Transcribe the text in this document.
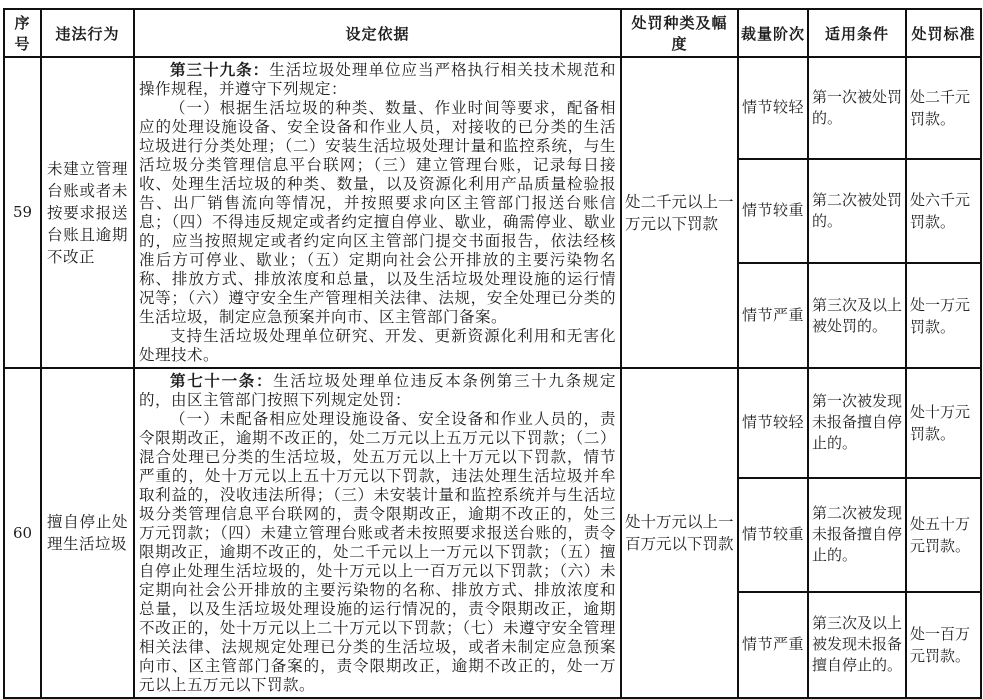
序号	违法行为	设定依据	处罚种类及幅度	裁量阶次	适用条件	处罚标准
59	未建立管理台账或者未按要求报送台账且逾期不改正	第三十九条：生活垃圾处理单位应当严格执行相关技术规范和操作规程，并遵守下列规定：

（一）根据生活垃圾的种类、数量、作业时间等要求，配备相应的处理设施设备、安全设备和作业人员，对接收的已分类的生活垃圾进行分类处理；（二）安装生活垃圾处理计量和监控系统，与生活垃圾分类管理信息平台联网；（三）建立管理台账，记录每日接收、处理生活垃圾的种类、数量，以及资源化利用产品质量检验报告、出厂销售流向等情况，并按照要求向区主管部门报送台账信息；（四）不得违反规定或者约定擅自停业、歇业，确需停业、歇业的，应当按照规定或者约定向区主管部门提交书面报告，依法经核准后方可停业、歇业；（五）定期向社会公开排放的主要污染物名称、排放方式、排放浓度和总量，以及生活垃圾处理设施的运行情况等；（六）遵守安全生产管理相关法律、法规，安全处理已分类的生活垃圾，制定应急预案并向市、区主管部门备案。

支持生活垃圾处理单位研究、开发、更新资源化利用和无害化处理技术。	处二千元以上一万元以下罚款	情节较轻	第一次被处罚的。	处二千元罚款。
				情节较重	第二次被处罚的。	处六千元罚款。
				情节严重	第三次及以上被处罚的。	处一万元罚款。
60	擅自停止处理生活垃圾	第七十一条：生活垃圾处理单位违反本条例第三十九条规定的，由区主管部门按照下列规定处罚：

（一）未配备相应处理设施设备、安全设备和作业人员的，责令限期改正，逾期不改正的，处二万元以上五万元以下罚款；（二）混合处理已分类的生活垃圾，处五万元以上十万元以下罚款，情节严重的，处十万元以上五十万元以下罚款，违法处理生活垃圾并牟取利益的，没收违法所得；（三）未安装计量和监控系统并与生活垃圾分类管理信息平台联网的，责令限期改正，逾期不改正的，处三万元罚款；（四）未建立管理台账或者未按照要求报送台账的，责令限期改正，逾期不改正的，处二千元以上一万元以下罚款；（五）擅自停止处理生活垃圾的，处十万元以上一百万元以下罚款；（六）未定期向社会公开排放的主要污染物的名称、排放方式、排放浓度和总量，以及生活垃圾处理设施的运行情况的，责令限期改正，逾期不改正的，处十万元以上二十万元以下罚款；（七）未遵守安全管理相关法律、法规规定处理已分类的生活垃圾，或者未制定应急预案向市、区主管部门备案的，责令限期改正，逾期不改正的，处一万元以上五万元以下罚款。	处十万元以上一百万元以下罚款	情节较轻	第一次被发现未报备擅自停止的。	处十万元罚款。
				情节较重	第二次被发现未报备擅自停止的。	处五十万元罚款。
				情节严重	第三次及以上被发现未报备擅自停止的。	处一百万元罚款。
